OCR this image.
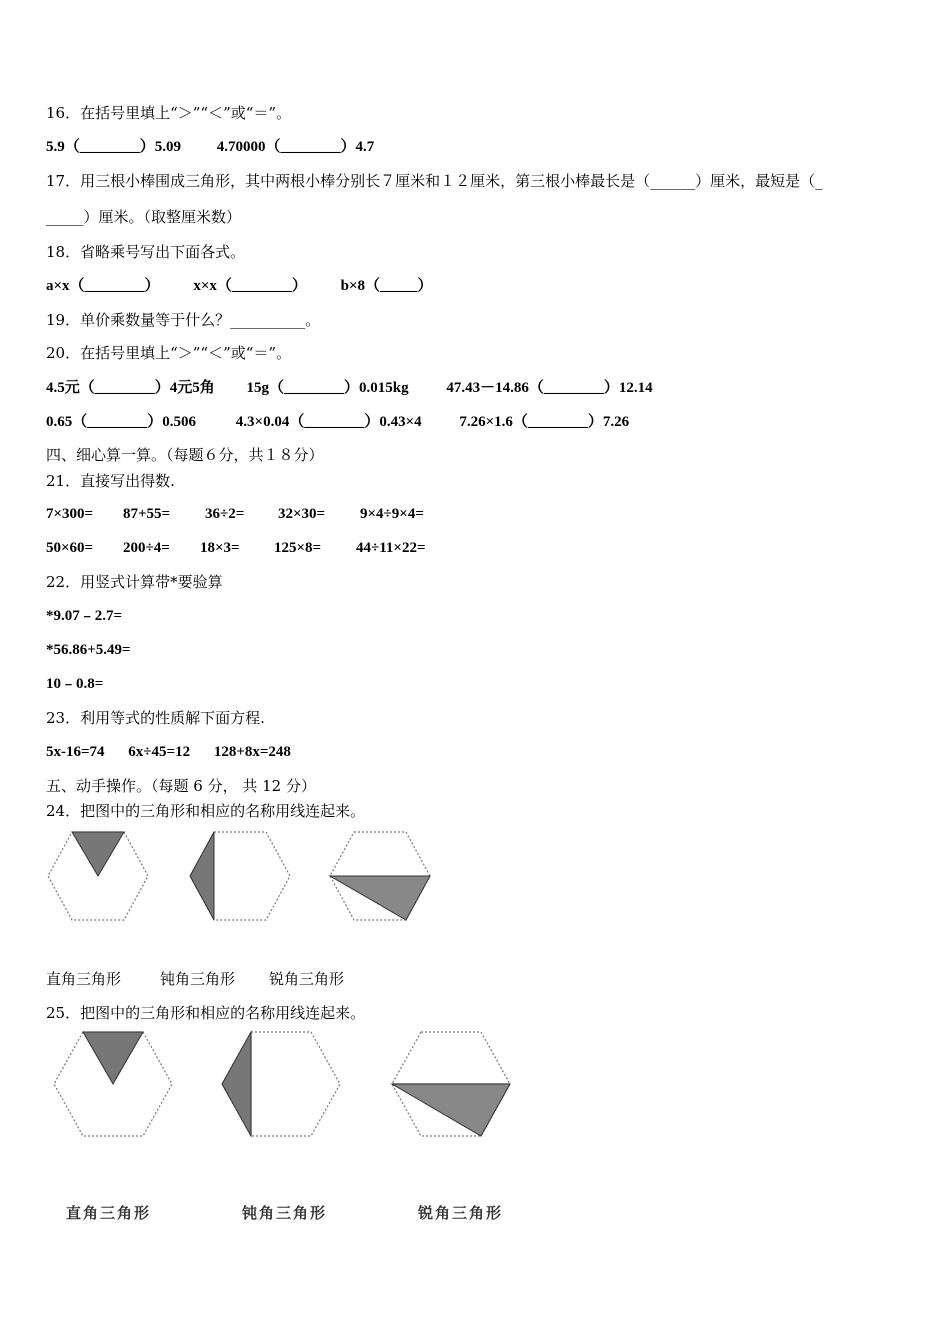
16．在括号里填上“＞”“＜”或“＝”。
5.9（________）5.09 4.70000（________）4.7
17．用三根小棒围成三角形，其中两根小棒分别长７厘米和１２厘米，第三根小棒最长是（______）厘米，最短是（_
_____）厘米。（取整厘米数）
18．省略乘号写出下面各式。
a×x（________） x×x（________） b×8（_____）
19．单价乘数量等于什么？__________。
20．在括号里填上“＞”“＜”或“＝”。
4.5元（________）4元5角 15g（________）0.015kg	47.43－14.86（________）12.14
0.65（________）0.506	4.3×0.04（________）0.43×4	7.26×1.6（________）7.26
四、细心算一算。（每题６分，共１８分）
21．直接写出得数.
7×300= 87+55= 36÷2= 32×30= 9×4÷9×4=
50×60= 200÷4= 18×3= 125×8= 44÷11×22=
22．用竖式计算带*要验算
*9.07﹣2.7=
*56.86+5.49=
10﹣0.8=
23．利用等式的性质解下面方程.
5x-16=74 6x÷45=12 128+8x=248
五、动手操作。（每题 6 分， 共 12 分）
24．把图中的三角形和相应的名称用线连起来。
直角三角形	钝角三角形 锐角三角形
25．把图中的三角形和相应的名称用线连起来。
直角三角形	钝角三角形	锐角三角形
